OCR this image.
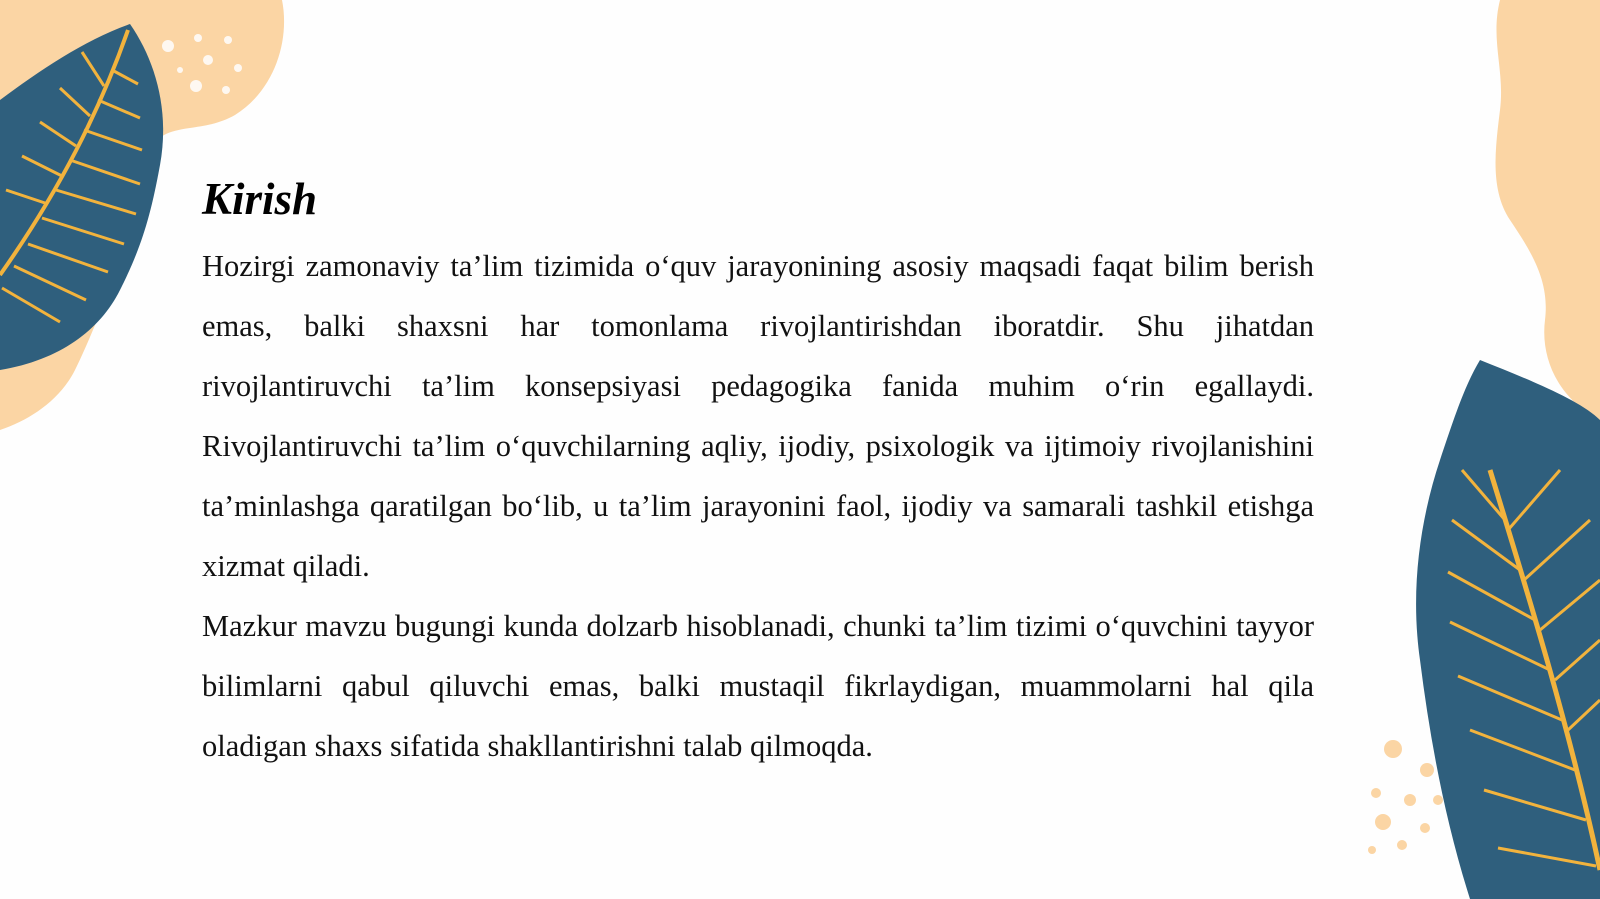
Kirish

Hozirgi zamonaviy ta’lim tizimida o‘quv jarayonining asosiy maqsadi faqat bilim berish emas, balki shaxsni har tomonlama rivojlantirishdan iboratdir. Shu jihatdan rivojlantiruvchi ta’lim konsepsiyasi pedagogika fanida muhim o‘rin egallaydi. Rivojlantiruvchi ta’lim o‘quvchilarning aqliy, ijodiy, psixologik va ijtimoiy rivojlanishini ta’minlashga qaratilgan bo‘lib, u ta’lim jarayonini faol, ijodiy va samarali tashkil etishga xizmat qiladi.

Mazkur mavzu bugungi kunda dolzarb hisoblanadi, chunki ta’lim tizimi o‘quvchini tayyor bilimlarni qabul qiluvchi emas, balki mustaqil fikrlaydigan, muammolarni hal qila oladigan shaxs sifatida shakllantirishni talab qilmoqda.
